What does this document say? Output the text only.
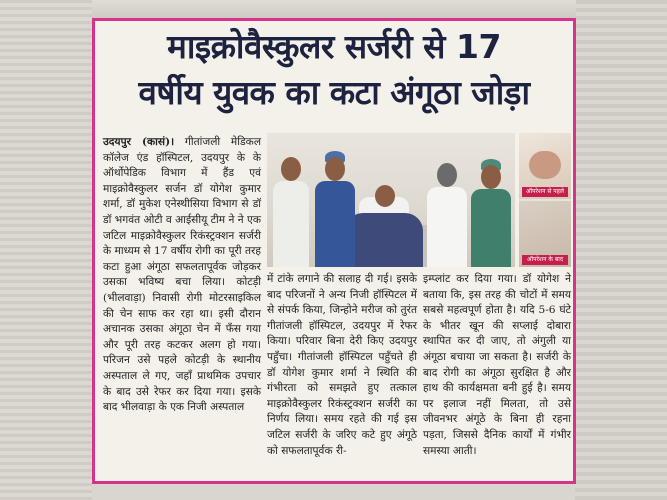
माइक्रोवैस्कुलर सर्जरी से 17
वर्षीय युवक का कटा अंगूठा जोड़ा
उदयपुर (कासं)। गीतांजली मेडिकल कॉलेज एंड हॉस्पिटल, उदयपुर के के ऑर्थोपेडिक विभाग में हैंड एवं माइक्रोवैस्कुलर सर्जन डॉ योगेश कुमार शर्मा, डॉ मुकेश एनेस्थीसिया विभाग से डॉ डॉ भगवंत ओटी व आईसीयू टीम ने ने एक जटिल माइक्रोवैस्कुलर रिकंस्ट्रक्शन सर्जरी के माध्यम से 17 वर्षीय रोगी का पूरी तरह कटा हुआ अंगूठा सफलतापूर्वक जोड़कर उसका भविष्य बचा लिया। कोटड़ी (भीलवाड़ा) निवासी रोगी मोटरसाइकिल की चेन साफ कर रहा था। इसी दौरान अचानक उसका अंगूठा चेन में फँस गया और पूरी तरह कटकर अलग हो गया। परिजन उसे पहले कोटड़ी के स्थानीय अस्पताल ले गए, जहाँ प्राथमिक उपचार के बाद उसे रेफर कर दिया गया। इसके बाद भीलवाड़ा के एक निजी अस्पताल
ऑपरेशन से पहले
ऑपरेशन के बाद
में टांके लगाने की सलाह दी गई। इसके बाद परिजनों ने अन्य निजी हॉस्पिटल में से संपर्क किया, जिन्होने मरीज को तुरंत गीतांजली हॉस्पिटल, उदयपुर में रेफर किया। परिवार बिना देरी किए उदयपुर पहुँचा। गीतांजली हॉस्पिटल पहुँचते ही डॉ योगेश कुमार शर्मा ने स्थिति की गंभीरता को समझते हुए तत्काल माइक्रोवैस्कुलर रिकंस्ट्रक्शन सर्जरी का निर्णय लिया। समय रहते की गई इस जटिल सर्जरी के जरिए कटे हुए अंगूठे को सफलतापूर्वक री-
इम्प्लांट कर दिया गया। डॉ योगेश ने बताया कि, इस तरह की चोटों में समय सबसे महत्वपूर्ण होता है। यदि 5-6 घंटे के भीतर खून की सप्लाई दोबारा स्थापित कर दी जाए, तो अंगुली या अंगूठा बचाया जा सकता है। सर्जरी के बाद रोगी का अंगूठा सुरक्षित है और हाथ की कार्यक्षमता बनी हुई है। समय पर इलाज नहीं मिलता, तो उसे जीवनभर अंगूठे के बिना ही रहना पड़ता, जिससे दैनिक कार्यों में गंभीर समस्या आती।
